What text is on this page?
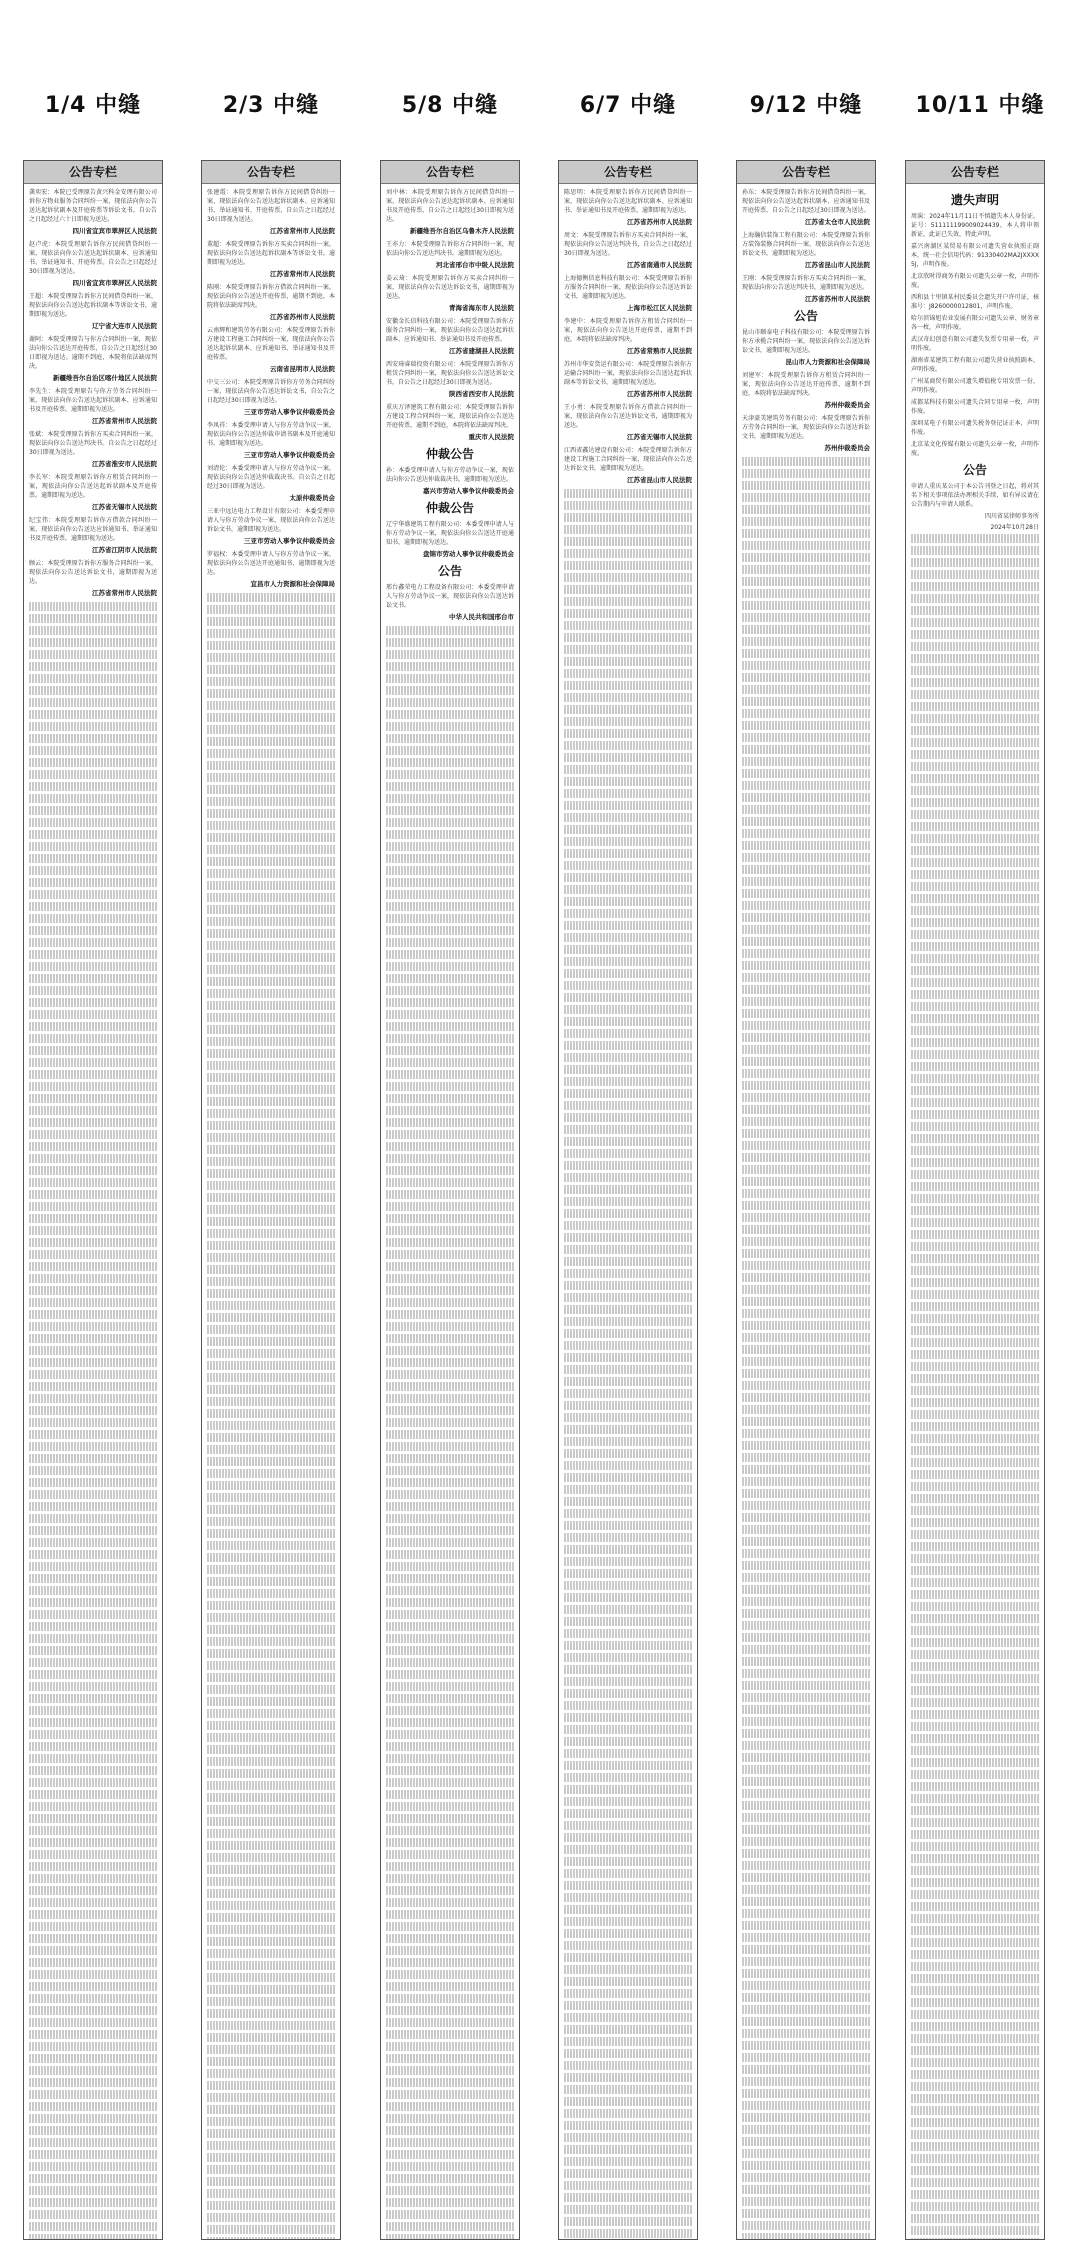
1/4 中缝	2/3 中缝	5/8 中缝	6/7 中缝	9/12 中缝	10/11 中缝
公告专栏

龚奕宏：本院已受理原告黄兴科金安理有限公司诉你方物业服务合同纠纷一案，现依法向你公告送达起诉状副本及开庭传票等诉讼文书。自公告之日起经过六十日即视为送达。

四川省宜宾市翠屏区人民法院

赵卢虎：本院受理原告诉你方民间借贷纠纷一案，现依法向你公告送达起诉状副本、应诉通知书、举证通知书、开庭传票。自公告之日起经过30日即视为送达。

四川省宜宾市翠屏区人民法院

王超：本院受理原告诉你方民间借贷纠纷一案，现依法向你公告送达起诉状副本等诉讼文书，逾期即视为送达。

辽宁省大连市人民法院

谢阿：本院受理原告与你方合同纠纷一案，现依法向你公告送达开庭传票，自公告之日起经过30日即视为送达。逾期不到庭，本院将依法缺席判决。

新疆维吾尔自治区喀什地区人民法院

李先生：本院受理原告与你方劳务合同纠纷一案，现依法向你公告送达起诉状副本、应诉通知书及开庭传票，逾期即视为送达。

江苏省常州市人民法院

张斌：本院受理原告诉你方买卖合同纠纷一案，现依法向你公告送达判决书。自公告之日起经过30日即视为送达。

江苏省淮安市人民法院

李长军：本院受理原告诉你方租赁合同纠纷一案，现依法向你公告送达起诉状副本及开庭传票。逾期即视为送达。

江苏省无锡市人民法院

纪宝伟：本院受理原告诉你方借款合同纠纷一案，现依法向你公告送达应诉通知书、举证通知书及开庭传票，逾期即视为送达。

江苏省江阴市人民法院

顾云：本院受理原告诉你方服务合同纠纷一案，现依法向你公告送达诉讼文书，逾期即视为送达。

江苏省常州市人民法院

公告专栏

张建霞：本院受理原告诉你方民间借贷纠纷一案，现依法向你公告送达起诉状副本、应诉通知书、举证通知书、开庭传票，自公告之日起经过30日即视为送达。

江苏省常州市人民法院

董超：本院受理原告诉你方买卖合同纠纷一案，现依法向你公告送达起诉状副本等诉讼文书。逾期即视为送达。

江苏省常州市人民法院

陈刚：本院受理原告诉你方借款合同纠纷一案，现依法向你公告送达开庭传票，逾期不到庭，本院将依法缺席判决。

江苏省苏州市人民法院

云南辉和建筑劳务有限公司：本院受理原告诉你方建设工程施工合同纠纷一案，现依法向你公告送达起诉状副本、应诉通知书、举证通知书及开庭传票。

云南省昆明市人民法院

中交三公司：本院受理原告诉你方劳务合同纠纷一案，现依法向你公告送达诉讼文书，自公告之日起经过30日即视为送达。

三亚市劳动人事争议仲裁委员会

李凤祥：本委受理申请人与你方劳动争议一案，现依法向你公告送达仲裁申请书副本及开庭通知书。逾期即视为送达。

三亚市劳动人事争议仲裁委员会

刘清伦：本委受理申请人与你方劳动争议一案，现依法向你公告送达仲裁裁决书。自公告之日起经过30日即视为送达。

太原仲裁委员会

三亚中远达电力工程设计有限公司：本委受理申请人与你方劳动争议一案，现依法向你公告送达诉讼文书，逾期即视为送达。

三亚市劳动人事争议仲裁委员会

罗福权：本委受理申请人与你方劳动争议一案，现依法向你公告送达开庭通知书，逾期即视为送达。

宜昌市人力资源和社会保障局

公告专栏

刘中林：本院受理原告诉你方民间借贷纠纷一案，现依法向你公告送达起诉状副本、应诉通知书及开庭传票，自公告之日起经过30日即视为送达。

新疆维吾尔自治区乌鲁木齐人民法院

王亦力：本院受理原告诉你方合同纠纷一案，现依法向你公告送达判决书。逾期即视为送达。

河北省邢台市中级人民法院

姜云琦：本院受理原告诉你方买卖合同纠纷一案，现依法向你公告送达诉讼文书，逾期即视为送达。

青海省海东市人民法院

安徽金长信科技有限公司：本院受理原告诉你方服务合同纠纷一案，现依法向你公告送达起诉状副本、应诉通知书、举证通知书及开庭传票。

江苏省建湖县人民法院

西安琦睿瑞投资有限公司：本院受理原告诉你方租赁合同纠纷一案，现依法向你公告送达诉讼文书，自公告之日起经过30日即视为送达。

陕西省西安市人民法院

重庆万泽建筑工程有限公司：本院受理原告诉你方建设工程合同纠纷一案，现依法向你公告送达开庭传票，逾期不到庭，本院将依法缺席判决。

重庆市人民法院

仲裁公告

孙：本委受理申请人与你方劳动争议一案，现依法向你公告送达仲裁裁决书，逾期即视为送达。

嘉兴市劳动人事争议仲裁委员会

仲裁公告

辽宁华盛建筑工程有限公司：本委受理申请人与你方劳动争议一案，现依法向你公告送达开庭通知书，逾期即视为送达。

盘锦市劳动人事争议仲裁委员会

公告

邢台鑫荣电力工程设备有限公司：本委受理申请人与你方劳动争议一案，现依法向你公告送达诉讼文书。

中华人民共和国邢台市

公告专栏

陈思明：本院受理原告诉你方民间借贷纠纷一案，现依法向你公告送达起诉状副本、应诉通知书、举证通知书及开庭传票，逾期即视为送达。

江苏省苏州市人民法院

周文：本院受理原告诉你方买卖合同纠纷一案，现依法向你公告送达判决书，自公告之日起经过30日即视为送达。

江苏省南通市人民法院

上海德衡信息科技有限公司：本院受理原告诉你方服务合同纠纷一案，现依法向你公告送达诉讼文书，逾期即视为送达。

上海市松江区人民法院

李建中：本院受理原告诉你方租赁合同纠纷一案，现依法向你公告送达开庭传票，逾期不到庭，本院将依法缺席判决。

江苏省常熟市人民法院

苏州市华安货运有限公司：本院受理原告诉你方运输合同纠纷一案，现依法向你公告送达起诉状副本等诉讼文书，逾期即视为送达。

江苏省苏州市人民法院

王小勇：本院受理原告诉你方借款合同纠纷一案，现依法向你公告送达诉讼文书，逾期即视为送达。

江苏省无锡市人民法院

江西省鑫达建设有限公司：本院受理原告诉你方建设工程施工合同纠纷一案，现依法向你公告送达诉讼文书，逾期即视为送达。

江苏省昆山市人民法院

公告专栏

孙东：本院受理原告诉你方民间借贷纠纷一案，现依法向你公告送达起诉状副本、应诉通知书及开庭传票，自公告之日起经过30日即视为送达。

江苏省太仓市人民法院

上海瀚信装饰工程有限公司：本院受理原告诉你方装饰装修合同纠纷一案，现依法向你公告送达诉讼文书，逾期即视为送达。

江苏省昆山市人民法院

王刚：本院受理原告诉你方买卖合同纠纷一案，现依法向你公告送达判决书，逾期即视为送达。

江苏省苏州市人民法院

公告

昆山市顺泰电子科技有限公司：本院受理原告诉你方承揽合同纠纷一案，现依法向你公告送达诉讼文书，逾期即视为送达。

昆山市人力资源和社会保障局

刘建军：本院受理原告诉你方租赁合同纠纷一案，现依法向你公告送达开庭传票，逾期不到庭，本院将依法缺席判决。

苏州仲裁委员会

天津豪美建筑劳务有限公司：本院受理原告诉你方劳务合同纠纷一案，现依法向你公告送达诉讼文书，逾期即视为送达。

苏州仲裁委员会

公告专栏

遗失声明

周演：2024年11月11日不慎遗失本人身份证，证号：511111199009024439，本人将申领新证，此证已失效，特此声明。

嘉兴南湖区某贸易有限公司遗失营业执照正副本，统一社会信用代码：91330402MA2JXXXX5J，声明作废。

北京欣时得商务有限公司遗失公章一枚，声明作废。

西和县十里镇某村民委员会遗失开户许可证，核准号：J8260000012801，声明作废。

哈尔滨锦旭农业发展有限公司遗失公章、财务章各一枚，声明作废。

武汉奇幻创意有限公司遗失发票专用章一枚，声明作废。

湖南省某建筑工程有限公司遗失营业执照副本，声明作废。

广州某商贸有限公司遗失增值税专用发票一份，声明作废。

成都某科技有限公司遗失合同专用章一枚，声明作废。

深圳某电子有限公司遗失税务登记证正本，声明作废。

北京某文化传媒有限公司遗失公章一枚，声明作废。

公告

申请人重庆某公司于本公告刊登之日起，将对其名下相关事项依法办理相关手续，如有异议请在公告期内与申请人联系。

四川省某律师事务所

2024年10月28日
